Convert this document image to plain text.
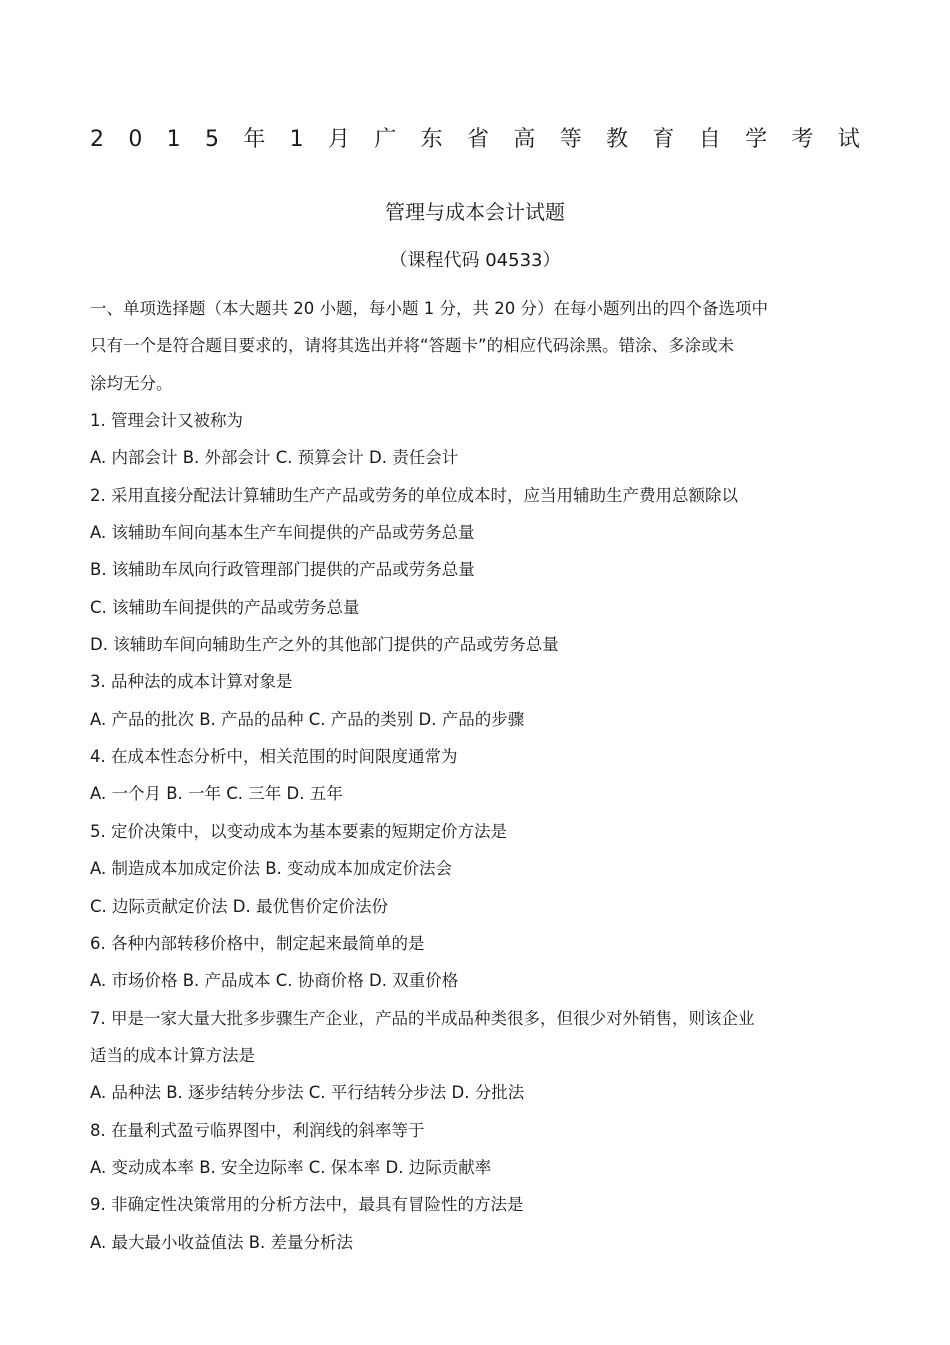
2 0 1 5 年 1 月 广 东 省 高 等 教 育 自 学 考 试
管理与成本会计试题
（课程代码 04533）
一、单项选择题（本大题共 20 小题，每小题 1 分，共 20 分）在每小题列出的四个备选项中
只有一个是符合题目要求的，请将其选出并将“答题卡”的相应代码涂黑。错涂、多涂或未
涂均无分。
1. 管理会计又被称为
A. 内部会计 B. 外部会计 C. 预算会计 D. 责任会计
2. 采用直接分配法计算辅助生产产品或劳务的单位成本时，应当用辅助生产费用总额除以
A. 该辅助车间向基本生产车间提供的产品或劳务总量
B. 该辅助车凤向行政管理部门提供的产品或劳务总量
C. 该辅助车间提供的产品或劳务总量
D. 该辅助车间向辅助生产之外的其他部门提供的产品或劳务总量
3. 品种法的成本计算对象是
A. 产品的批次 B. 产品的品种 C. 产品的类别 D. 产品的步骤
4. 在成本性态分析中，相关范围的时间限度通常为
A. 一个月 B. 一年 C. 三年 D. 五年
5. 定价决策中，以变动成本为基本要素的短期定价方法是
A. 制造成本加成定价法 B. 变动成本加成定价法会
C. 边际贡献定价法 D. 最优售价定价法份
6. 各种内部转移价格中，制定起来最简单的是
A. 市场价格 B. 产品成本 C. 协商价格 D. 双重价格
7. 甲是一家大量大批多步骤生产企业，产品的半成品种类很多，但很少对外销售，则该企业
适当的成本计算方法是
A. 品种法 B. 逐步结转分步法 C. 平行结转分步法 D. 分批法
8. 在量利式盈亏临界图中，利润线的斜率等于
A. 变动成本率 B. 安全边际率 C. 保本率 D. 边际贡献率
9. 非确定性决策常用的分析方法中，最具有冒险性的方法是
A. 最大最小收益值法 B. 差量分析法
